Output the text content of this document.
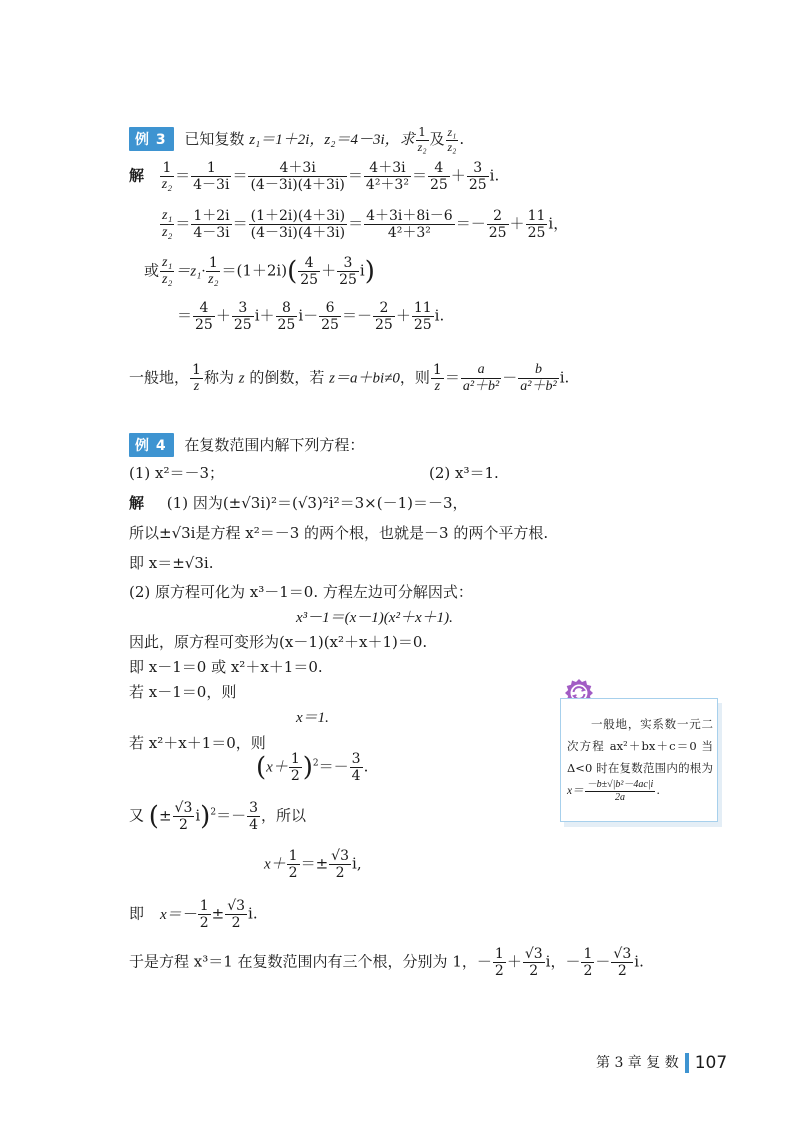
例 3 已知复数 z₁＝1＋2i，z₂＝4－3i，求 $\frac{1}{\text{z₂}}$ 及 $\frac{\text{z₁}}{\text{z₂}}$ .
解 $\frac{1}{\text{z₂}} = \frac{1}{4-3i} = \frac{4+3i}{(4-3i)(4+3i)} = \frac{4+3i}{\text{4²＋3²}} = \frac{4}{25} + \frac{3}{25} i$.
$\frac{\text{z₁}}{\text{z₂}} = \frac{1+2i}{4-3i} = \frac{(1+2i)(4+3i)}{(4-3i)(4+3i)} = \frac{4+3i+8i-6}{\text{4²＋3²}} =- \frac{2}{25} + \frac{11}{25}$ i，
或 $\frac{\text{z₁}}{\text{z₂}} =z_1\cdot \frac{1}{\text{z₂}} =(1+2i)( \frac{4}{25} + \frac{3}{25} i)$
＝ $\frac{4}{25} + \frac{3}{25} i+ \frac{8}{25} i- \frac{6}{25} =- \frac{2}{25} + \frac{11}{25} i$.
一般地， $\frac{1}{z}$ 称为 z 的倒数，若 z＝a＋bi≠0，则 $\frac{1}{z} = \frac{a}{\text{a²＋b²}} - \frac{b}{\text{a²＋b²}} i$.
例 4 在复数范围内解下列方程：
(1) x²＝－3；	(2) x³＝1.
解 (1) 因为(±√3i)²＝(√3)²i²＝3×(－1)＝－3，
所以±√3i是方程 x²＝－3 的两个根，也就是－3 的两个平方根.
即 x＝±√3i.
(2) 原方程可化为 x³－1＝0. 方程左边可分解因式：
x³－1＝(x－1)(x²＋x＋1).
因此，原方程可变形为(x－1)(x²＋x＋1)＝0.
即 x－1＝0 或 x²＋x＋1＝0.
若 x－1＝0，则
x＝1.
若 x²＋x＋1＝0，则
$(x+ \frac{1}{2} )^2=- \frac{3}{4}$ .
又 (± $\frac{√3}{2} i)^2=- \frac{3}{4}$ ，所以
$x+ \frac{1}{2} =\pm \frac{√3}{2} i$,
即 $x=- \frac{1}{2} \pm \frac{√3}{2} i$.
于是方程 x³＝1 在复数范围内有三个根，分别为 1，－ $\frac{1}{2} + \frac{√3}{2}$ i，－ $\frac{1}{2} - \frac{√3}{2} i$.
一般地，实系数一元二次方程 ax²＋bx＋c＝0 当 Δ<0 时在复数范围内的根为 $x= \frac{\text{－b±√|b²－4ac|i}}{2a}$ .
第 3 章 复 数 107
